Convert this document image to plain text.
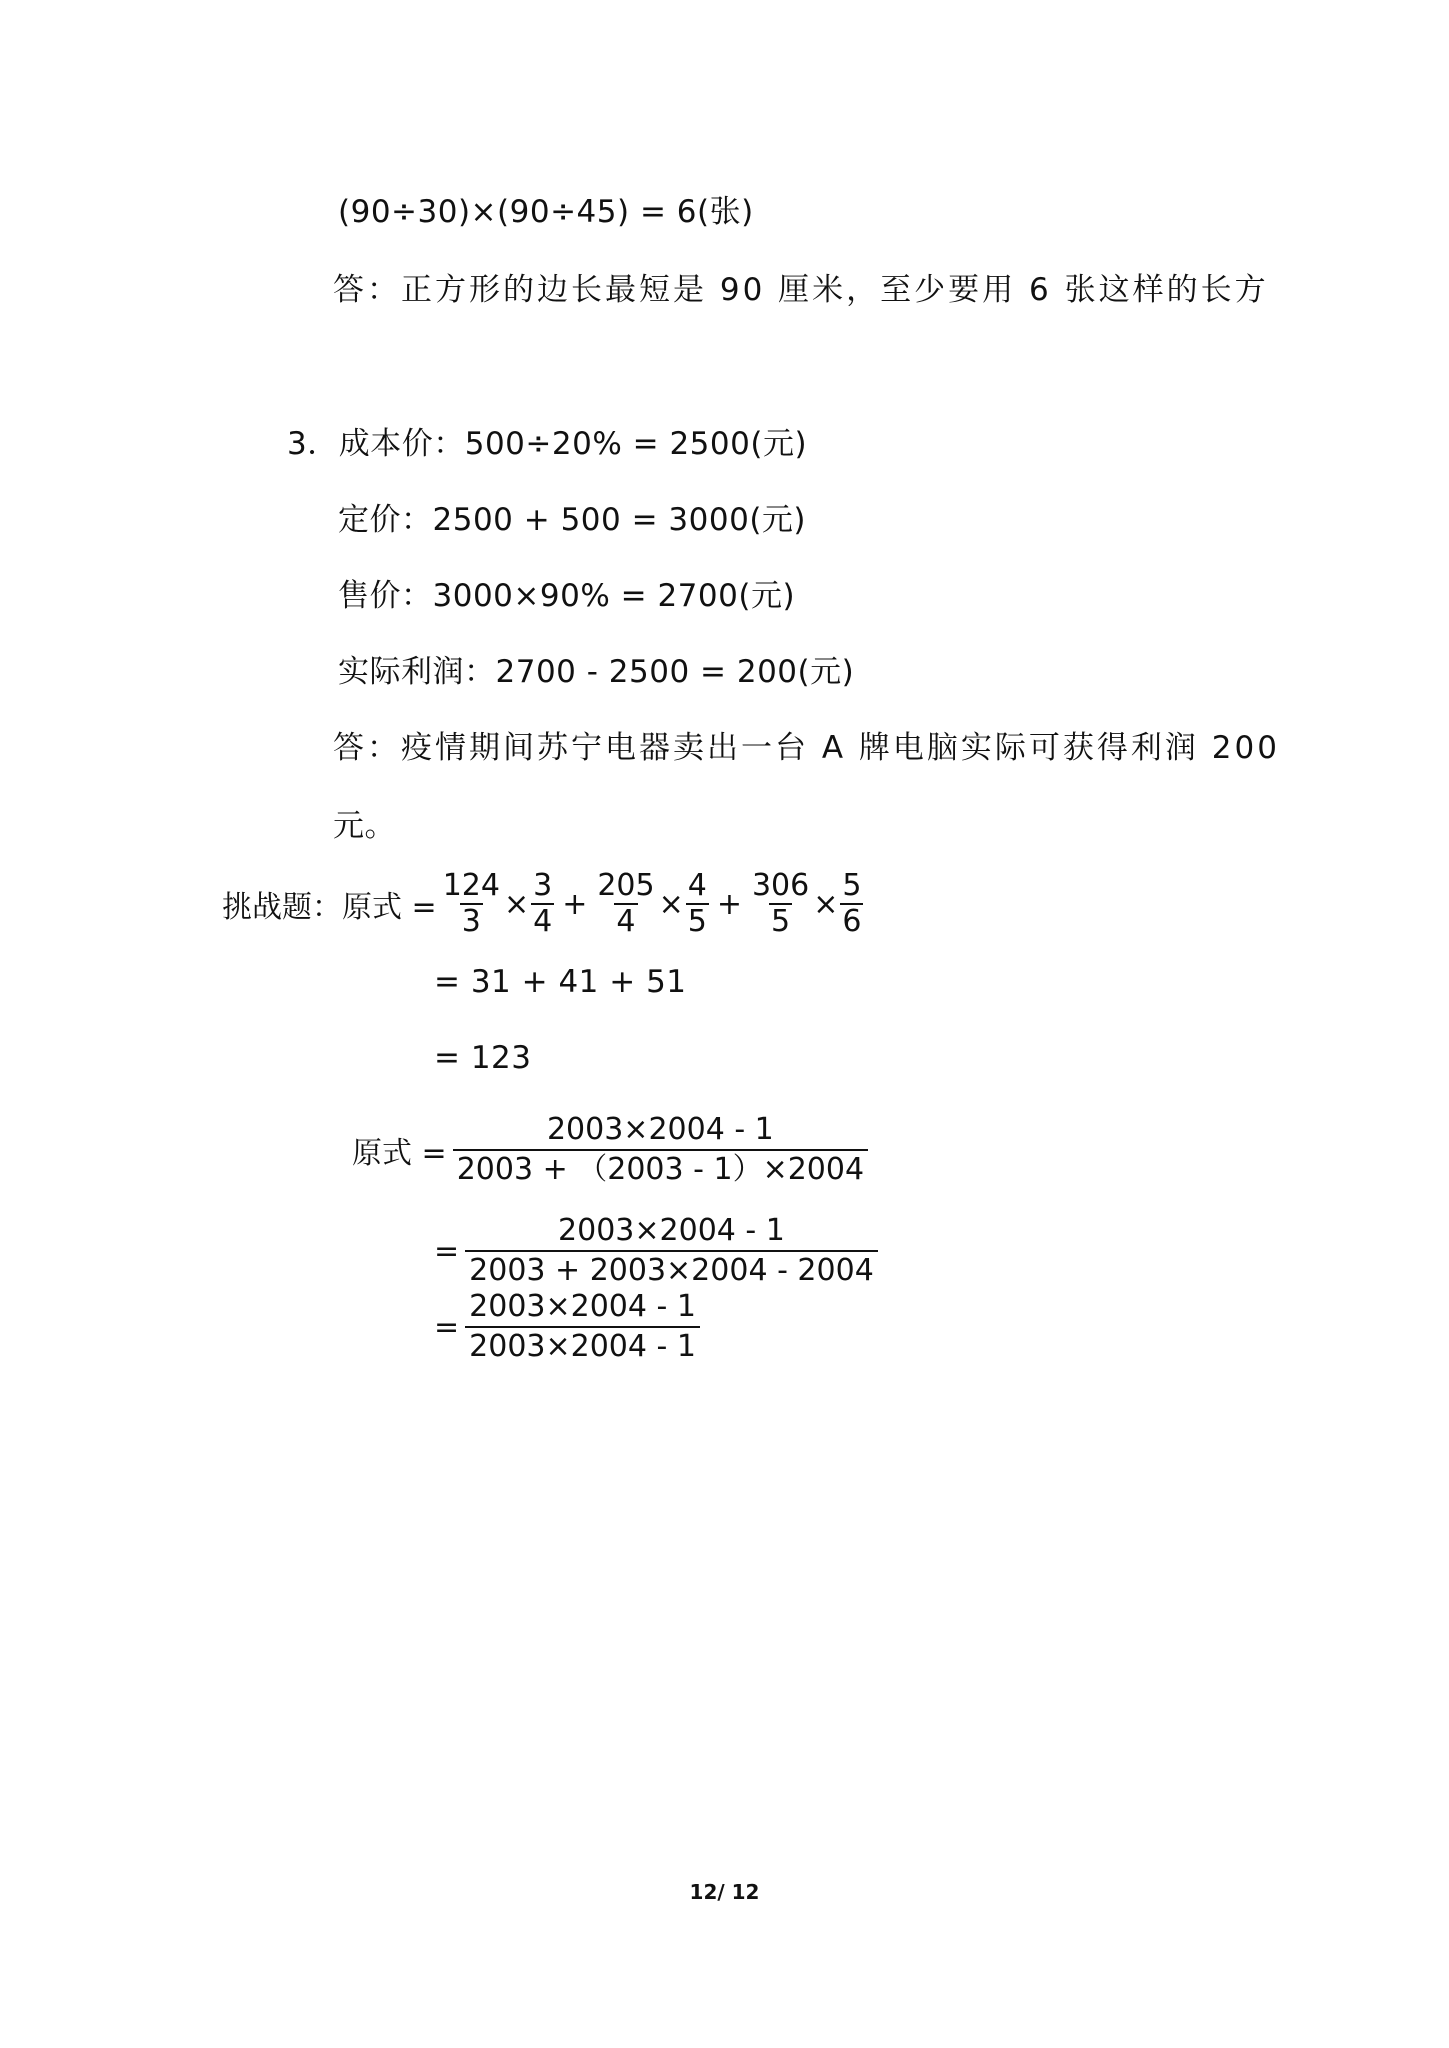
(90÷30)×(90÷45) = 6(张)
答：正方形的边长最短是 90 厘米，至少要用 6 张这样的长方
3．成本价：500÷20% = 2500(元)
定价：2500 + 500 = 3000(元)
售价：3000×90% = 2700(元)
实际利润：2700 - 2500 = 200(元)
答：疫情期间苏宁电器卖出一台 A 牌电脑实际可获得利润 200
元。
挑战题：原式 = $\frac{124}{3} \times \frac{3}{4} + \frac{205}{4} \times \frac{4}{5} + \frac{306}{5} \times \frac{5}{6}$
= 31 + 41 + 51
= 123
原式 = $\frac{2003\times 2004 - 1}{2003 + (2003 - 1)\times 2004}$
= $\frac{2003\times 2004 - 1}{2003 + 2003\times 2004 - 2004}$
= $\frac{2003\times 2004 - 1}{2003\times 2004 - 1}$
12/ 12
